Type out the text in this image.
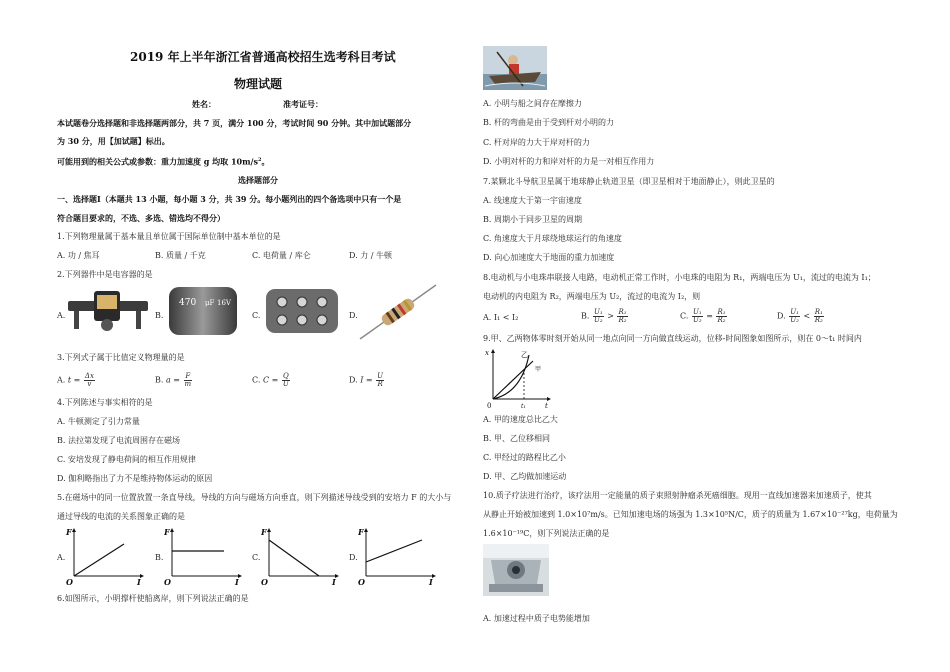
2019 年上半年浙江省普通高校招生选考科目考试
物理试题
姓名：	准考证号：
本试题卷分选择题和非选择题两部分，共 7 页，满分 100 分，考试时间 90 分钟。其中加试题部分
为 30 分，用【加试题】标出。
可能用到的相关公式或参数：重力加速度 g 均取 $10m/s^2$。
选择题部分
一、选择题Ⅰ（本题共 13 小题，每小题 3 分，共 39 分。每小题列出的四个备选项中只有一个是
符合题目要求的，不选、多选、错选均不得分）
1.下列物理量属于基本量且单位属于国际单位制中基本单位的是
A. 功 / 焦耳	B. 质量 / 千克	C. 电荷量 / 库仑	D. 力 / 牛顿
2.下列器件中是电容器的是
A.	B.
470 μF 16V
C.	D.
3.下列式子属于比值定义物理量的是
A. $t = \frac{\Delta x}{v}$	B. $a = \frac{F}{m}$	C. $C = \frac{Q}{U}$	D. $I = \frac{U}{R}$
4.下列陈述与事实相符的是
A. 牛顿测定了引力常量
B. 法拉第发现了电流周围存在磁场
C. 安培发现了静电荷间的相互作用规律
D. 伽利略指出了力不是维持物体运动的原因
5.在磁场中的同一位置放置一条直导线，导线的方向与磁场方向垂直，则下列描述导线受到的安培力 F 的大小与
通过导线的电流的关系图象正确的是
A.
F
I
O
B.
F
I
O
C.
F
I
O
D.
F
I
O
6.如图所示，小明撑杆使船离岸，则下列说法正确的是
A. 小明与船之间存在摩擦力
B. 杆的弯曲是由于受到杆对小明的力
C. 杆对岸的力大于岸对杆的力
D. 小明对杆的力和岸对杆的力是一对相互作用力
7.某颗北斗导航卫星属于地球静止轨道卫星（即卫星相对于地面静止），则此卫星的
A. 线速度大于第一宇宙速度
B. 周期小于同步卫星的周期
C. 角速度大于月球绕地球运行的角速度
D. 向心加速度大于地面的重力加速度
8.电动机与小电珠串联接人电路，电动机正常工作时，小电珠的电阻为 R₁，两端电压为 U₁，流过的电流为 I₁；
电动机的内电阻为 R₂，两端电压为 U₂，流过的电流为 I₂，则
A. I₁ < I₂	B. $\frac{\text{U₁}}{\text{U₂}} > \frac{\text{R₁}}{\text{R₂}}$	C. $\frac{\text{U₁}}{\text{U₂}} = \frac{\text{R₁}}{\text{R₂}}$	D. $\frac{\text{U₁}}{\text{U₂}} < \frac{\text{R₁}}{\text{R₂}}$
9.甲、乙两物体零时刻开始从同一地点向同一方向做直线运动，位移-时间图象如图所示，则在 0～t₁ 时间内
x
t
t₁
0
乙
甲
A. 甲的速度总比乙大
B. 甲、乙位移相同
C. 甲经过的路程比乙小
D. 甲、乙均做加速运动
10.质子疗法进行治疗，该疗法用一定能量的质子束照射肿瘤杀死癌细胞。现用一直线加速器来加速质子，使其
从静止开始被加速到 1.0×10⁷m/s。已知加速电场的场强为 1.3×10⁵N/C，质子的质量为 1.67×10⁻²⁷kg，电荷量为
1.6×10⁻¹⁹C，则下列说法正确的是
A. 加速过程中质子电势能增加
